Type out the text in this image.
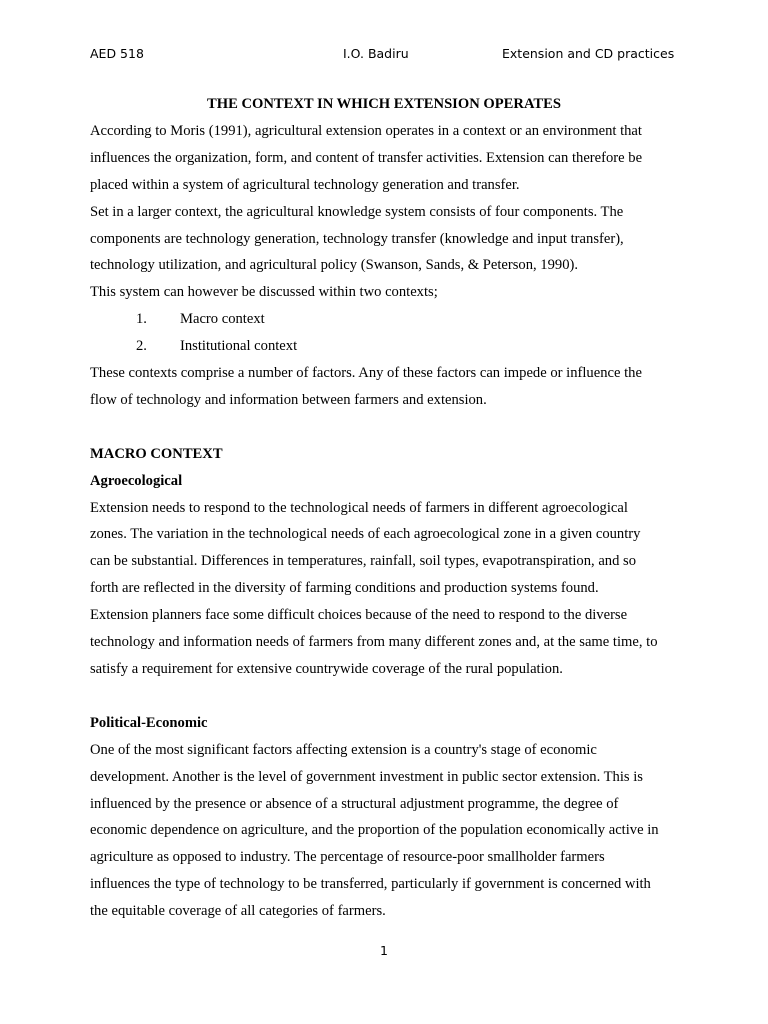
AED 518	I.O. Badiru	Extension and CD practices

THE CONTEXT IN WHICH EXTENSION OPERATES

According to Moris (1991), agricultural extension operates in a context or an environment that

influences the organization, form, and content of transfer activities. Extension can therefore be

placed within a system of agricultural technology generation and transfer.

Set in a larger context, the agricultural knowledge system consists of four components. The

components are technology generation, technology transfer (knowledge and input transfer),

technology utilization, and agricultural policy (Swanson, Sands, & Peterson, 1990).

This system can however be discussed within two contexts;

1. Macro context
2. Institutional context

These contexts comprise a number of factors. Any of these factors can impede or influence the

flow of technology and information between farmers and extension.

MACRO CONTEXT

Agroecological

Extension needs to respond to the technological needs of farmers in different agroecological

zones. The variation in the technological needs of each agroecological zone in a given country

can be substantial. Differences in temperatures, rainfall, soil types, evapotranspiration, and so

forth are reflected in the diversity of farming conditions and production systems found.

Extension planners face some difficult choices because of the need to respond to the diverse

technology and information needs of farmers from many different zones and, at the same time, to

satisfy a requirement for extensive countrywide coverage of the rural population.

Political-Economic

One of the most significant factors affecting extension is a country's stage of economic

development. Another is the level of government investment in public sector extension. This is

influenced by the presence or absence of a structural adjustment programme, the degree of

economic dependence on agriculture, and the proportion of the population economically active in

agriculture as opposed to industry. The percentage of resource-poor smallholder farmers

influences the type of technology to be transferred, particularly if government is concerned with

the equitable coverage of all categories of farmers.

1
